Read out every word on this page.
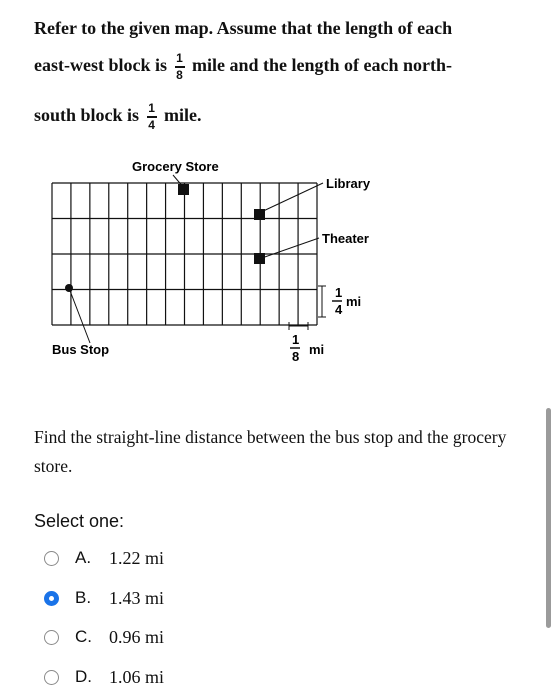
Refer to the given map. Assume that the length of each
east-west block is $\frac{1}{8}$ mile and the length of each north-
south block is $\frac{1}{4}$ mile.
Grocery Store
Library
Theater
Bus Stop
1
4
mi
1
8 mi
Find the straight-line distance between the bus stop and the grocery store.
Select one:
A. 1.22 mi
B. 1.43 mi
C. 0.96 mi
D. 1.06 mi
